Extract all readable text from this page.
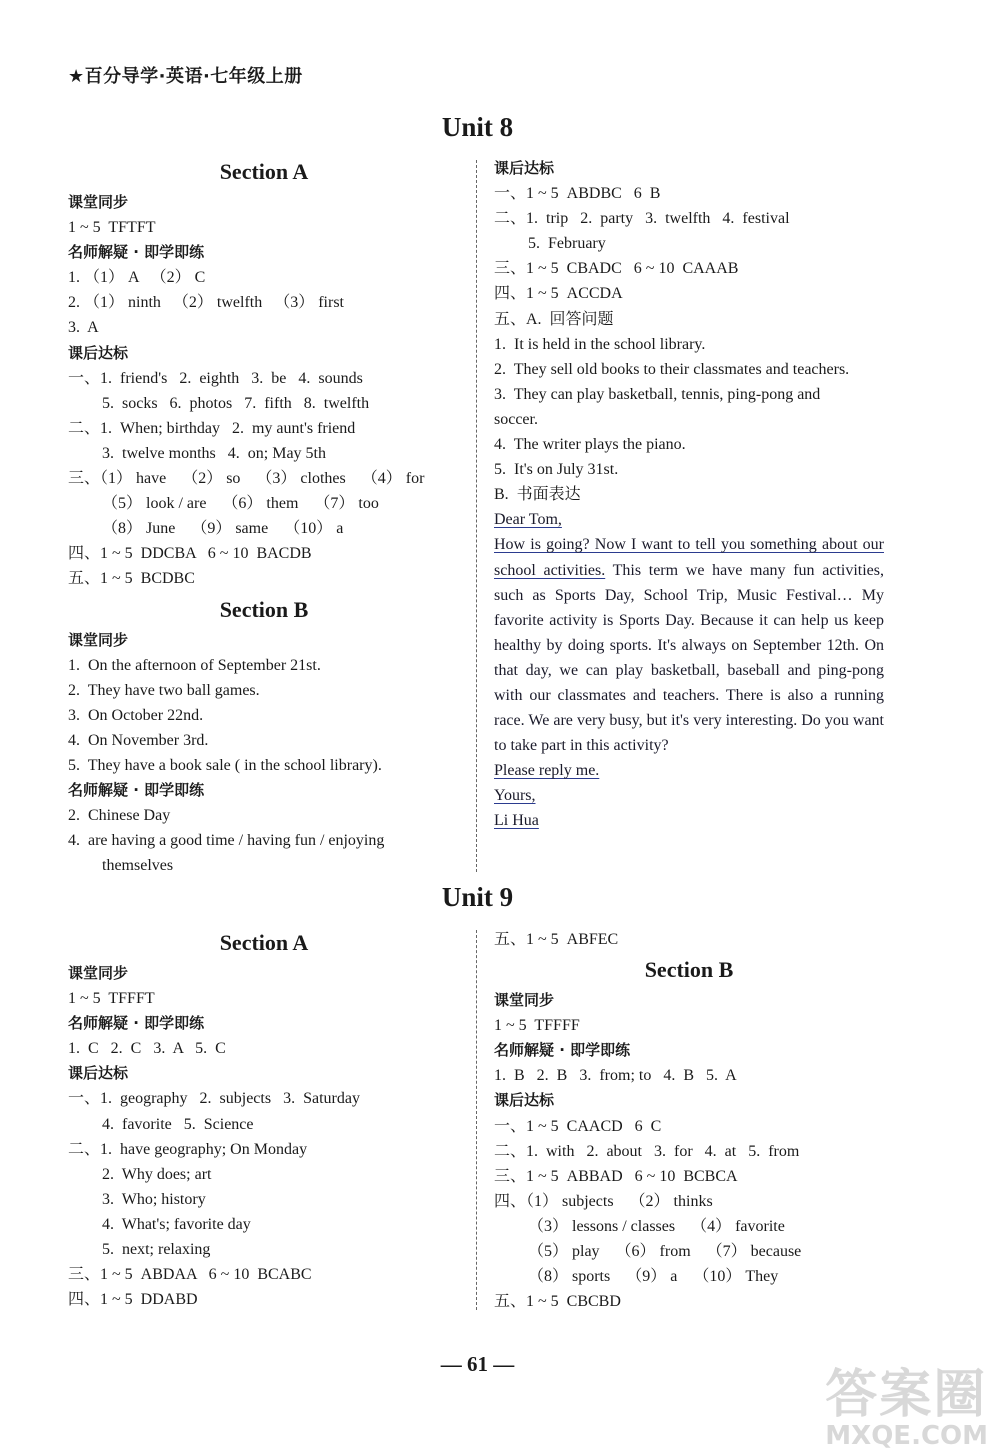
★百分导学·英语·七年级上册
Unit 8
Section A
课堂同步
1 ~ 5  TFTFT
名师解疑 · 即学即练
1. （1） A   （2） C
2. （1） ninth   （2） twelfth   （3） first
3.  A
课后达标
一、1.  friend's   2.  eighth   3.  be   4.  sounds
5.  socks   6.  photos   7.  fifth   8.  twelfth
二、1.  When; birthday   2.  my aunt's friend
3.  twelve months   4.  on; May 5th
三、（1） have    （2） so    （3） clothes    （4） for
（5） look / are    （6） them    （7） too
（8） June    （9） same    （10） a
四、1 ~ 5  DDCBA   6 ~ 10  BACDB
五、1 ~ 5  BCDBC
Section B
课堂同步
1.  On the afternoon of September 21st.
2.  They have two ball games.
3.  On October 22nd.
4.  On November 3rd.
5.  They have a book sale ( in the school library).
名师解疑 · 即学即练
2.  Chinese Day
4.  are having a good time / having fun / enjoying
themselves
课后达标
一、1 ~ 5  ABDBC   6  B
二、1.  trip   2.  party   3.  twelfth   4.  festival
5.  February
三、1 ~ 5  CBADC   6 ~ 10  CAAAB
四、1 ~ 5  ACCDA
五、A.  回答问题
1.  It is held in the school library.
2.  They sell old books to their classmates and teachers.
3.  They can play basketball, tennis, ping-pong and
soccer.
4.  The writer plays the piano.
5.  It's on July 31st.
B.  书面表达
Dear Tom,
How is going? Now I want to tell you something about our school activities. This term we have many fun activities, such as Sports Day, School Trip, Music Festival… My favorite activity is Sports Day. Because it can help us keep healthy by doing sports. It's always on September 12th. On that day, we can play basketball, baseball and ping-pong with our classmates and teachers. There is also a running race. We are very busy, but it's very interesting. Do you want to take part in this activity?
Please reply me.
Yours,
Li Hua
Unit 9
Section A
课堂同步
1 ~ 5  TFFFT
名师解疑 · 即学即练
1.  C   2.  C   3.  A   5.  C
课后达标
一、1.  geography   2.  subjects   3.  Saturday
4.  favorite   5.  Science
二、1.  have geography; On Monday
2.  Why does; art
3.  Who; history
4.  What's; favorite day
5.  next; relaxing
三、1 ~ 5  ABDAA   6 ~ 10  BCABC
四、1 ~ 5  DDABD
五、1 ~ 5  ABFEC
Section B
课堂同步
1 ~ 5  TFFFF
名师解疑 · 即学即练
1.  B   2.  B   3.  from; to   4.  B   5.  A
课后达标
一、1 ~ 5  CAACD   6  C
二、1.  with   2.  about   3.  for   4.  at   5.  from
三、1 ~ 5  ABBAD   6 ~ 10  BCBCA
四、（1） subjects    （2） thinks
（3） lessons / classes    （4） favorite
（5） play    （6） from    （7） because
（8） sports    （9） a    （10） They
五、1 ~ 5  CBCBD
— 61 —
答案圈
MXQE.COM
